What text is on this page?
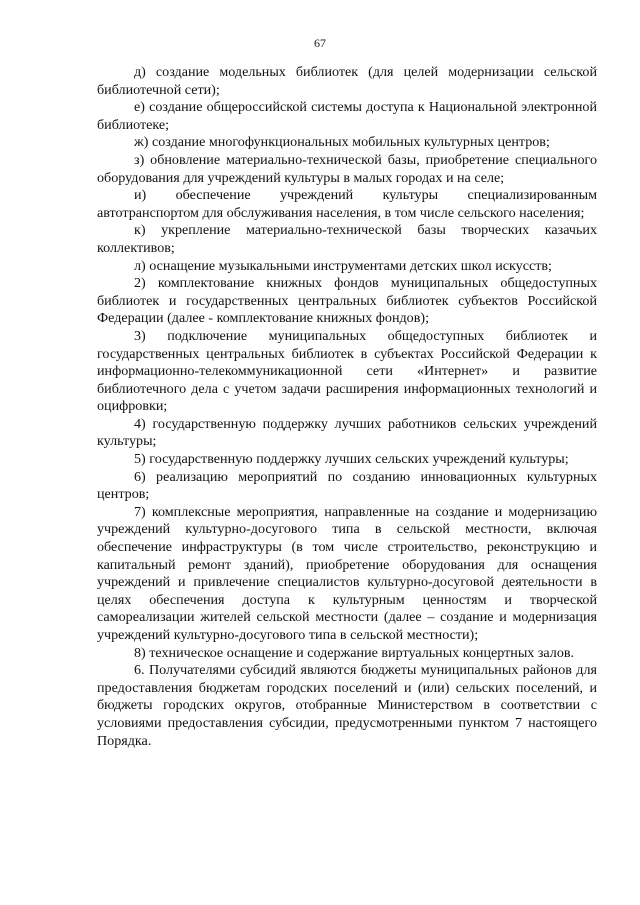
67

д) создание модельных библиотек (для целей модернизации сельской библиотечной сети);

е) создание общероссийской системы доступа к Национальной электронной библиотеке;

ж) создание многофункциональных мобильных культурных центров;

з) обновление материально-технической базы, приобретение специального оборудования для учреждений культуры в малых городах и на селе;

и) обеспечение учреждений культуры специализированным автотранспортом для обслуживания населения, в том числе сельского населения;

к) укрепление материально-технической базы творческих казачьих коллективов;

л) оснащение музыкальными инструментами детских школ искусств;

2) комплектование книжных фондов муниципальных общедоступных библиотек и государственных центральных библиотек субъектов Российской Федерации (далее - комплектование книжных фондов);

3) подключение муниципальных общедоступных библиотек и государственных центральных библиотек в субъектах Российской Федерации к информационно-телекоммуникационной сети «Интернет» и развитие библиотечного дела с учетом задачи расширения информационных технологий и оцифровки;

4) государственную поддержку лучших работников сельских учреждений культуры;

5) государственную поддержку лучших сельских учреждений культуры;

6) реализацию мероприятий по созданию инновационных культурных центров;

7) комплексные мероприятия, направленные на создание и модернизацию учреждений культурно-досугового типа в сельской местности, включая обеспечение инфраструктуры (в том числе строительство, реконструкцию и капитальный ремонт зданий), приобретение оборудования для оснащения учреждений и привлечение специалистов культурно-досуговой деятельности в целях обеспечения доступа к культурным ценностям и творческой самореализации жителей сельской местности (далее – создание и модернизация учреждений культурно-досугового типа в сельской местности);

8) техническое оснащение и содержание виртуальных концертных залов.

6. Получателями субсидий являются бюджеты муниципальных районов для предоставления бюджетам городских поселений и (или) сельских поселений, и бюджеты городских округов, отобранные Министерством в соответствии с условиями предоставления субсидии, предусмотренными пунктом 7 настоящего Порядка.
